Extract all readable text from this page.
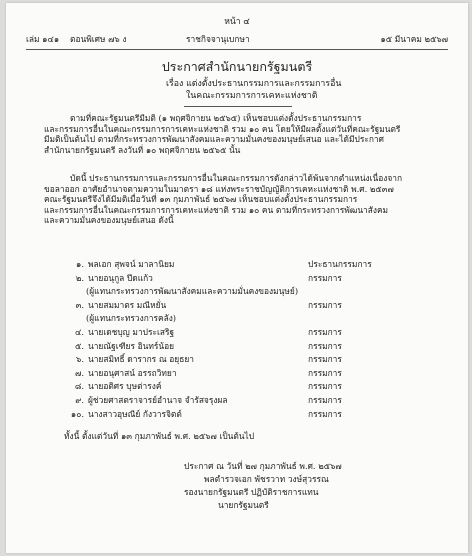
หน้า ๔
เล่ม ๑๔๑ ตอนพิเศษ ๗๖ ง	ราชกิจจานุเบกษา	๑๕ มีนาคม ๒๕๖๗
ประกาศสำนักนายกรัฐมนตรี
เรื่อง แต่งตั้งประธานกรรมการและกรรมการอื่น
ในคณะกรรมการการเคหะแห่งชาติ
ตามที่คณะรัฐมนตรีมีมติ (๑ พฤศจิกายน ๒๕๖๕) เห็นชอบแต่งตั้งประธานกรรมการ
และกรรมการอื่นในคณะกรรมการการเคหะแห่งชาติ รวม ๑๐ คน โดยให้มีผลตั้งแต่วันที่คณะรัฐมนตรี
มีมติเป็นต้นไป ตามที่กระทรวงการพัฒนาสังคมและความมั่นคงของมนุษย์เสนอ และได้มีประกาศ
สำนักนายกรัฐมนตรี ลงวันที่ ๑๐ พฤศจิกายน ๒๕๖๕ นั้น
บัดนี้ ประธานกรรมการและกรรมการอื่นในคณะกรรมการดังกล่าวได้พ้นจากตำแหน่งเนื่องจาก
ขอลาออก อาศัยอำนาจตามความในมาตรา ๑๘ แห่งพระราชบัญญัติการเคหะแห่งชาติ พ.ศ. ๒๕๓๗
คณะรัฐมนตรีจึงได้มีมติเมื่อวันที่ ๑๓ กุมภาพันธ์ ๒๕๖๗ เห็นชอบแต่งตั้งประธานกรรมการ
และกรรมการอื่นในคณะกรรมการการเคหะแห่งชาติ รวม ๑๐ คน ตามที่กระทรวงการพัฒนาสังคม
และความมั่นคงของมนุษย์เสนอ ดังนี้
๑. พลเอก สุพจน์ มาลานิยม	ประธานกรรมการ
๒. นายอนุกูล ปีดแก้ว	กรรมการ
(ผู้แทนกระทรวงการพัฒนาสังคมและความมั่นคงของมนุษย์)
๓. นายสมมาตร มณีหยั่น	กรรมการ
(ผู้แทนกระทรวงการคลัง)
๔. นายเดชบุญ มาประเสริฐ	กรรมการ
๕. นายณัฐเฑียร อินทร์น้อย	กรรมการ
๖. นายสมิทธิ์ ดารากร ณ อยุธยา	กรรมการ
๗. นายอนุศาสน์ อรรถวิทยา	กรรมการ
๘. นายอติศร บุษต่ารงค์	กรรมการ
๙. ผู้ช่วยศาสตราจารย์อำนาจ จำรัสจรุงผล	กรรมการ
๑๐. นางสาวอุษณีย์ กังวารจิตต์	กรรมการ
ทั้งนี้ ตั้งแต่วันที่ ๑๓ กุมภาพันธ์ พ.ศ. ๒๕๖๗ เป็นต้นไป
ประกาศ ณ วันที่ ๒๗ กุมภาพันธ์ พ.ศ. ๒๕๖๗
พลตำรวจเอก พัชรวาท วงษ์สุวรรณ
รองนายกรัฐมนตรี ปฏิบัติราชการแทน
นายกรัฐมนตรี
